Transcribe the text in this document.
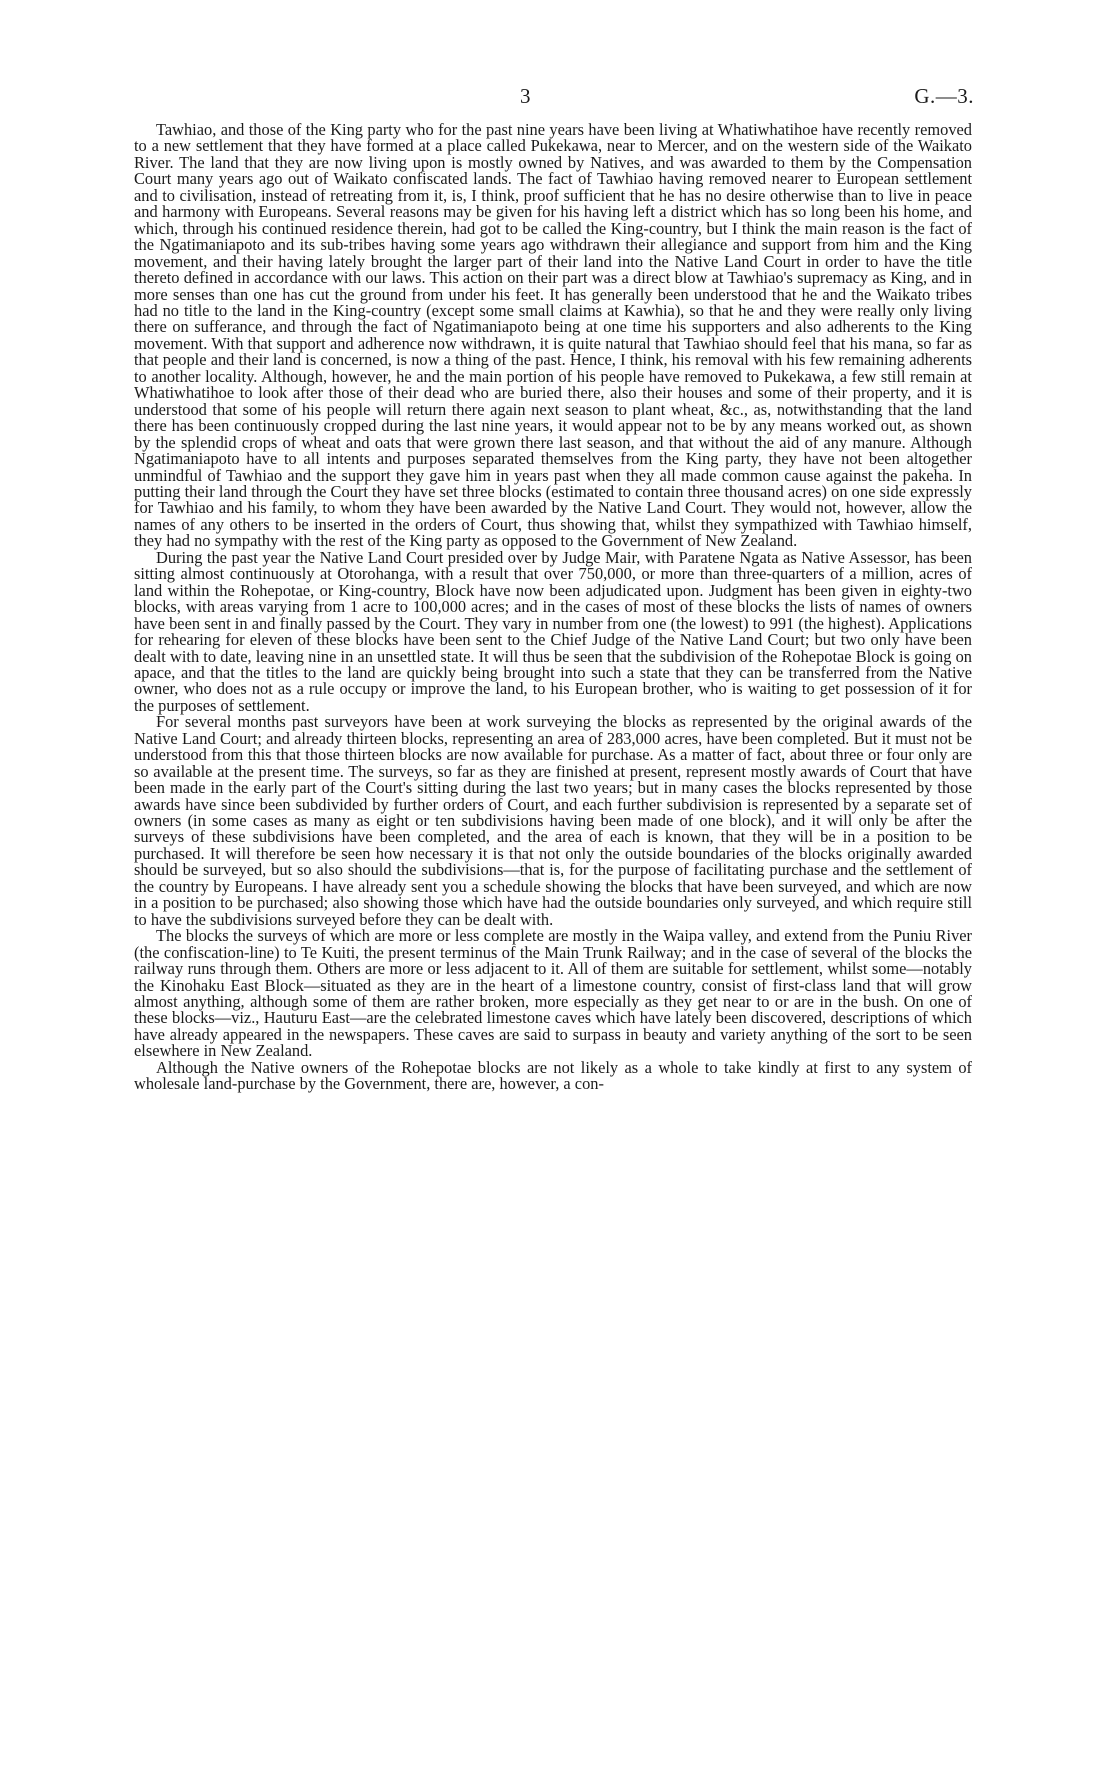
3	G.—3.

Tawhiao, and those of the King party who for the past nine years have been living at Whatiwhatihoe have recently removed to a new settlement that they have formed at a place called Pukekawa, near to Mercer, and on the western side of the Waikato River. The land that they are now living upon is mostly owned by Natives, and was awarded to them by the Compensation Court many years ago out of Waikato confiscated lands. The fact of Tawhiao having removed nearer to European settlement and to civilisation, instead of retreating from it, is, I think, proof sufficient that he has no desire otherwise than to live in peace and harmony with Europeans. Several reasons may be given for his having left a district which has so long been his home, and which, through his continued residence therein, had got to be called the King-country, but I think the main reason is the fact of the Ngatimaniapoto and its sub-tribes having some years ago withdrawn their allegiance and support from him and the King movement, and their having lately brought the larger part of their land into the Native Land Court in order to have the title thereto defined in accordance with our laws. This action on their part was a direct blow at Tawhiao's supremacy as King, and in more senses than one has cut the ground from under his feet. It has generally been understood that he and the Waikato tribes had no title to the land in the King-country (except some small claims at Kawhia), so that he and they were really only living there on sufferance, and through the fact of Ngatimaniapoto being at one time his supporters and also adherents to the King movement. With that support and adherence now withdrawn, it is quite natural that Tawhiao should feel that his mana, so far as that people and their land is concerned, is now a thing of the past. Hence, I think, his removal with his few remaining adherents to another locality. Although, however, he and the main portion of his people have removed to Pukekawa, a few still remain at Whatiwhatihoe to look after those of their dead who are buried there, also their houses and some of their property, and it is understood that some of his people will return there again next season to plant wheat, &c., as, notwithstanding that the land there has been continuously cropped during the last nine years, it would appear not to be by any means worked out, as shown by the splendid crops of wheat and oats that were grown there last season, and that without the aid of any manure. Although Ngatimaniapoto have to all intents and purposes separated themselves from the King party, they have not been altogether unmindful of Tawhiao and the support they gave him in years past when they all made common cause against the pakeha. In putting their land through the Court they have set three blocks (estimated to contain three thousand acres) on one side expressly for Tawhiao and his family, to whom they have been awarded by the Native Land Court. They would not, however, allow the names of any others to be inserted in the orders of Court, thus showing that, whilst they sympathized with Tawhiao himself, they had no sympathy with the rest of the King party as opposed to the Government of New Zealand.

During the past year the Native Land Court presided over by Judge Mair, with Paratene Ngata as Native Assessor, has been sitting almost continuously at Otorohanga, with a result that over 750,000, or more than three-quarters of a million, acres of land within the Rohepotae, or King-country, Block have now been adjudicated upon. Judgment has been given in eighty-two blocks, with areas varying from 1 acre to 100,000 acres; and in the cases of most of these blocks the lists of names of owners have been sent in and finally passed by the Court. They vary in number from one (the lowest) to 991 (the highest). Applications for rehearing for eleven of these blocks have been sent to the Chief Judge of the Native Land Court; but two only have been dealt with to date, leaving nine in an unsettled state. It will thus be seen that the subdivision of the Rohepotae Block is going on apace, and that the titles to the land are quickly being brought into such a state that they can be transferred from the Native owner, who does not as a rule occupy or improve the land, to his European brother, who is waiting to get possession of it for the purposes of settlement.

For several months past surveyors have been at work surveying the blocks as represented by the original awards of the Native Land Court; and already thirteen blocks, representing an area of 283,000 acres, have been completed. But it must not be understood from this that those thirteen blocks are now available for purchase. As a matter of fact, about three or four only are so available at the present time. The surveys, so far as they are finished at present, represent mostly awards of Court that have been made in the early part of the Court's sitting during the last two years; but in many cases the blocks represented by those awards have since been subdivided by further orders of Court, and each further subdivision is represented by a separate set of owners (in some cases as many as eight or ten subdivisions having been made of one block), and it will only be after the surveys of these subdivisions have been completed, and the area of each is known, that they will be in a position to be purchased. It will therefore be seen how necessary it is that not only the outside boundaries of the blocks originally awarded should be surveyed, but so also should the subdivisions—that is, for the purpose of facilitating purchase and the settlement of the country by Europeans. I have already sent you a schedule showing the blocks that have been surveyed, and which are now in a position to be purchased; also showing those which have had the outside boundaries only surveyed, and which require still to have the subdivisions surveyed before they can be dealt with.

The blocks the surveys of which are more or less complete are mostly in the Waipa valley, and extend from the Puniu River (the confiscation-line) to Te Kuiti, the present terminus of the Main Trunk Railway; and in the case of several of the blocks the railway runs through them. Others are more or less adjacent to it. All of them are suitable for settlement, whilst some—notably the Kinohaku East Block—situated as they are in the heart of a limestone country, consist of first-class land that will grow almost anything, although some of them are rather broken, more especially as they get near to or are in the bush. On one of these blocks—viz., Hauturu East—are the celebrated limestone caves which have lately been discovered, descriptions of which have already appeared in the newspapers. These caves are said to surpass in beauty and variety anything of the sort to be seen elsewhere in New Zealand.

Although the Native owners of the Rohepotae blocks are not likely as a whole to take kindly at first to any system of wholesale land-purchase by the Government, there are, however, a con-
